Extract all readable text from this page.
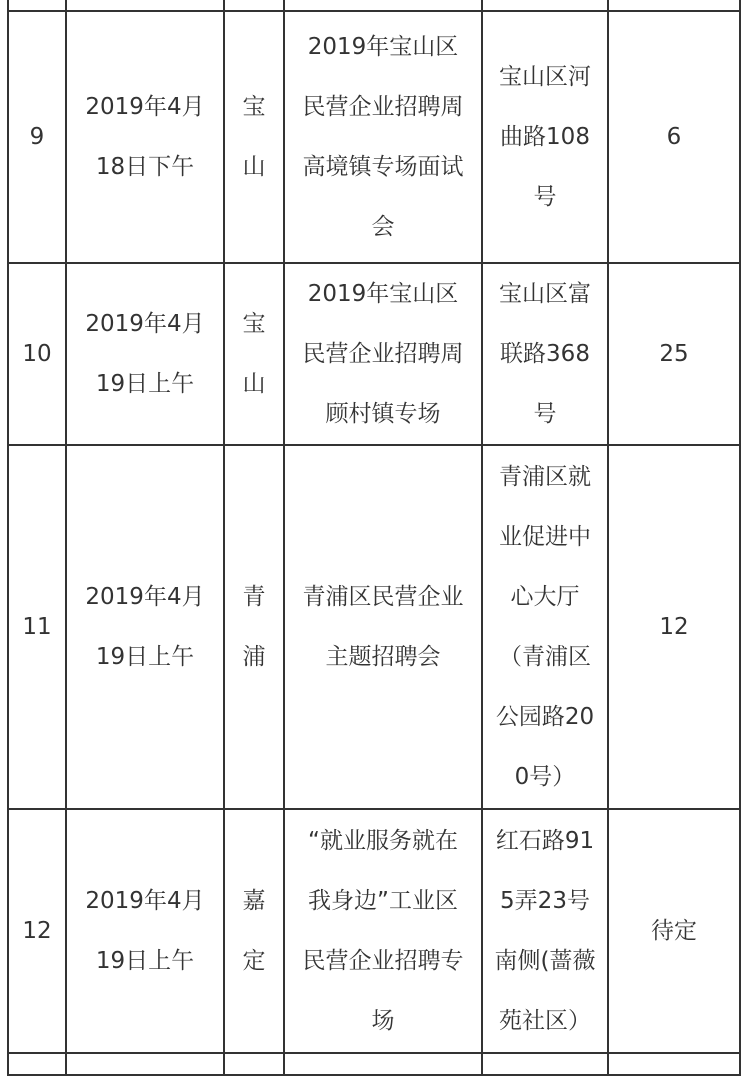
9	2019年4月18日下午	宝山	2019年宝山区民营企业招聘周高境镇专场面试会	宝山区河曲路108号	6

10	2019年4月19日上午	宝山	2019年宝山区民营企业招聘周顾村镇专场	宝山区富联路368号	25

11	2019年4月19日上午	青浦	青浦区民营企业主题招聘会	青浦区就业促进中心大厅（青浦区公园路200号）	12

12	2019年4月19日上午	嘉定	“就业服务就在我身边”工业区民营企业招聘专场	红石路915弄23号南侧(蔷薇苑社区）	待定
